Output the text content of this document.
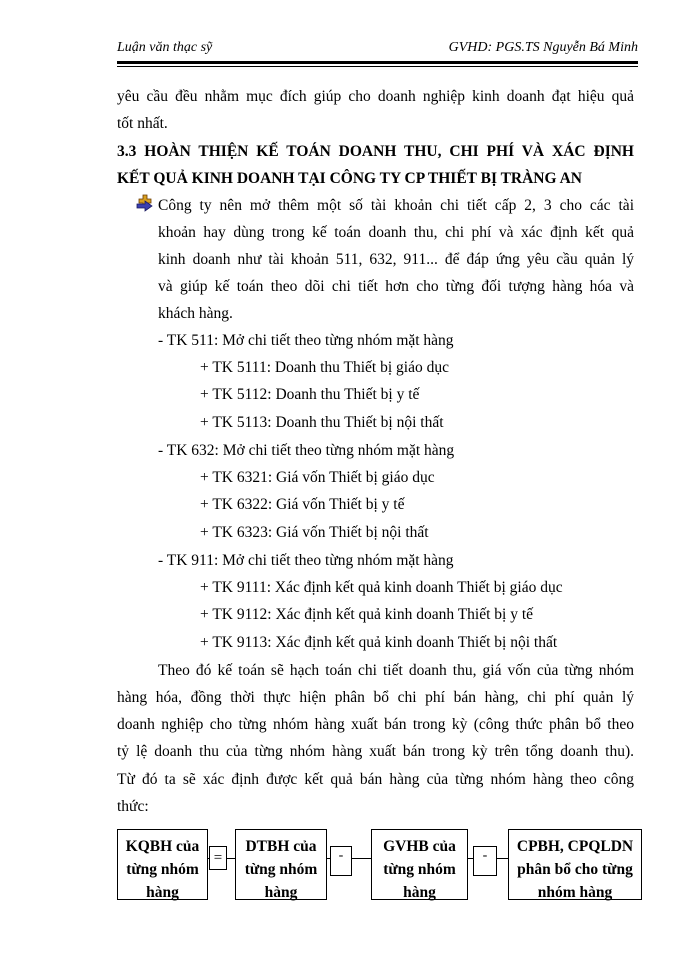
Luận văn thạc sỹ	GVHD: PGS.TS Nguyễn Bá Minh
yêu cầu đều nhằm mục đích giúp cho doanh nghiệp kinh doanh đạt hiệu quả
tốt nhất.
3.3 HOÀN THIỆN KẾ TOÁN DOANH THU, CHI PHÍ VÀ XÁC ĐỊNH
KẾT QUẢ KINH DOANH TẠI CÔNG TY CP THIẾT BỊ TRÀNG AN
Công ty nên mở thêm một số tài khoản chi tiết cấp 2, 3 cho các tài
khoản hay dùng trong kế toán doanh thu, chi phí và xác định kết quả
kinh doanh như tài khoản 511, 632, 911... để đáp ứng yêu cầu quản lý
và giúp kế toán theo dõi chi tiết hơn cho từng đối tượng hàng hóa và
khách hàng.
- TK 511: Mở chi tiết theo từng nhóm mặt hàng
+ TK 5111: Doanh thu Thiết bị giáo dục
+ TK 5112: Doanh thu Thiết bị y tế
+ TK 5113: Doanh thu Thiết bị nội thất
- TK 632: Mở chi tiết theo từng nhóm mặt hàng
+ TK 6321: Giá vốn Thiết bị giáo dục
+ TK 6322: Giá vốn Thiết bị y tế
+ TK 6323: Giá vốn Thiết bị nội thất
- TK 911: Mở chi tiết theo từng nhóm mặt hàng
+ TK 9111: Xác định kết quả kinh doanh Thiết bị giáo dục
+ TK 9112: Xác định kết quả kinh doanh Thiết bị y tế
+ TK 9113: Xác định kết quả kinh doanh Thiết bị nội thất
Theo đó kế toán sẽ hạch toán chi tiết doanh thu, giá vốn của từng nhóm
hàng hóa, đồng thời thực hiện phân bổ chi phí bán hàng, chi phí quản lý
doanh nghiệp cho từng nhóm hàng xuất bán trong kỳ (công thức phân bổ theo
tỷ lệ doanh thu của từng nhóm hàng xuất bán trong kỳ trên tổng doanh thu).
Từ đó ta sẽ xác định được kết quả bán hàng của từng nhóm hàng theo công
thức:
KQBH của
từng nhóm
hàng
=
DTBH của
từng nhóm
hàng
-
GVHB của
từng nhóm
hàng
-
CPBH, CPQLDN
phân bổ cho từng
nhóm hàng
